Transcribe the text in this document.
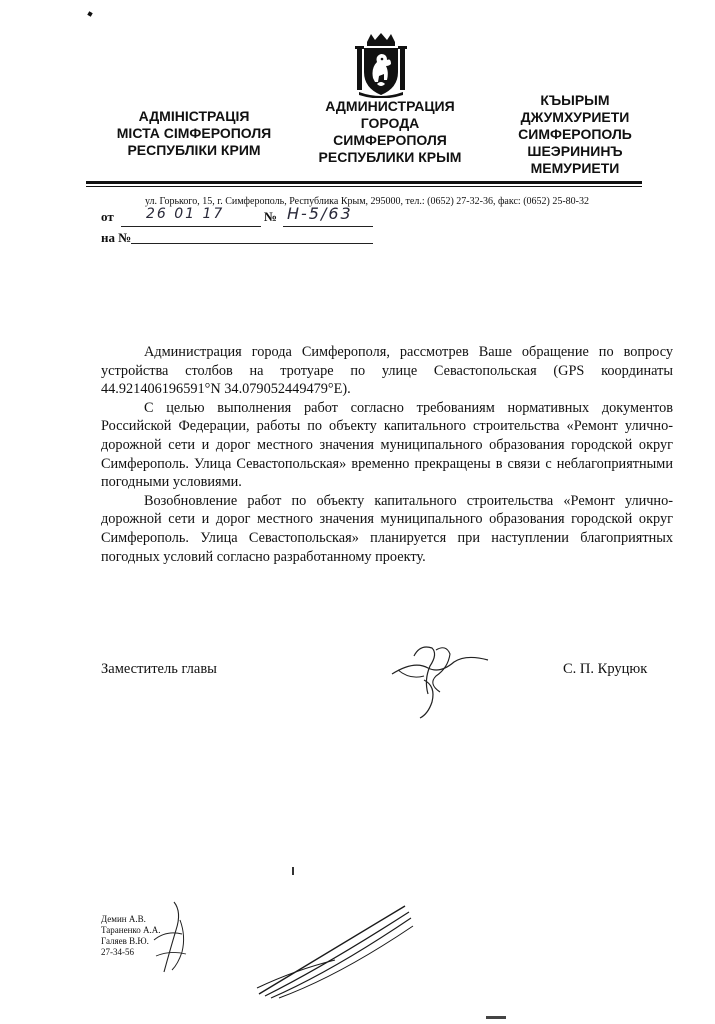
АДМІНІСТРАЦІЯ
МІСТА СІМФЕРОПОЛЯ
РЕСПУБЛІКИ КРИМ
АДМИНИСТРАЦИЯ
ГОРОДА
СИМФЕРОПОЛЯ
РЕСПУБЛИКИ КРЫМ
КЪЫРЫМ
ДЖУМХУРИЕТИ
СИМФЕРОПОЛЬ
ШЕЭРИНИНЪ
МЕМУРИЕТИ
ул. Горького, 15, г. Симферополь, Республика Крым, 295000, тел.: (0652) 27-32-36, факс: (0652) 25-80-32
от 26 01 17	№ Н-5/63
на №

Администрация города Симферополя, рассмотрев Ваше обращение по вопросу устройства столбов на тротуаре по улице Севастопольская (GPS координаты 44.921406196591°N 34.079052449479°E).

С целью выполнения работ согласно требованиям нормативных документов Российской Федерации, работы по объекту капитального строительства «Ремонт улично-дорожной сети и дорог местного значения муниципального образования городской округ Симферополь. Улица Севастопольская» временно прекращены в связи с неблагоприятными погодными условиями.

Возобновление работ по объекту капитального строительства «Ремонт улично-дорожной сети и дорог местного значения муниципального образования городской округ Симферополь. Улица Севастопольская» планируется при наступлении благоприятных погодных условий согласно разработанному проекту.

Заместитель главы	С. П. Круцюк
Демин А.В.
Тараненко А.А.
Галяев В.Ю.
27-34-56
